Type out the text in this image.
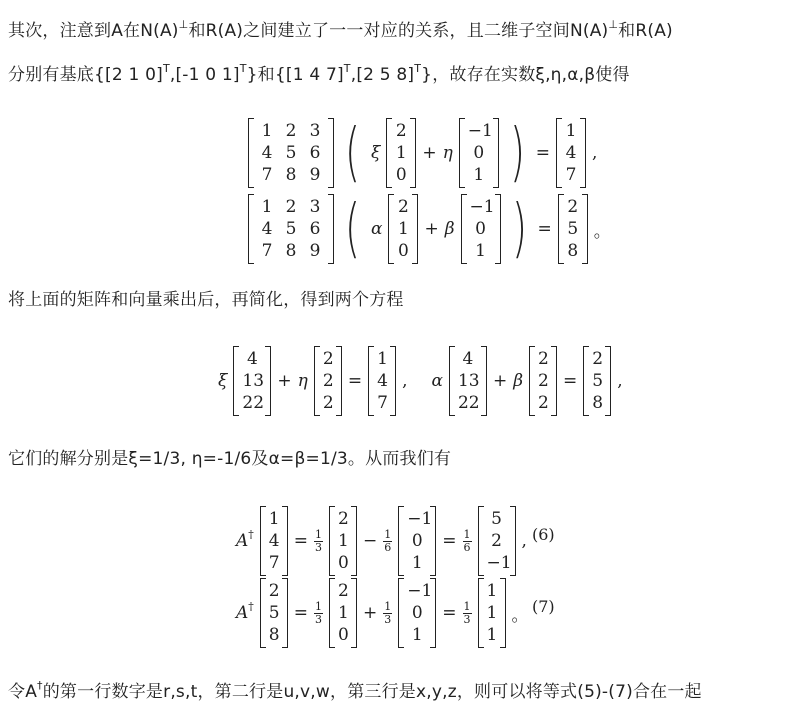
其次，注意到A在N(A)⊥和R(A)之间建立了一一对应的关系，且二维子空间N(A)⊥和R(A)
分别有基底{[2 1 0]$^T$,[-1 0 1]$^T$}和{[1 4 7]$^T$,[2 5 8]$^T$}，故存在实数ξ,η,α,β使得
1 2 3
4 5 6
7 8 9 ( ξ
2
1
0
+ η
−1
0
1 ) =
1
4
7
,
1 2 3
4 5 6
7 8 9 ( α
2
1
0
+ β
−1
0
1 ) =
2
5
8
。
将上面的矩阵和向量乘出后，再简化，得到两个方程
ξ
4
13
22
+ η
2
2
2
=
1
4
7
, α
4
13
22
+ β
2
2
2
=
2
5
8
,
它们的解分别是ξ=1/3, η=-1/6及α=β=1/3。从而我们有
A†
1
4
7
= $\frac{1}{3}$
2
1
0
− $\frac{1}{6}$
−1
0
1
= $\frac{1}{6}$
5
2
−1
, (6)
A†
2
5
8
= $\frac{1}{3}$
2
1
0
+ $\frac{1}{3}$
−1
0
1
= $\frac{1}{3}$
1
1
1
。 (7)
令A†的第一行数字是r,s,t，第二行是u,v,w，第三行是x,y,z，则可以将等式(5)-(7)合在一起
